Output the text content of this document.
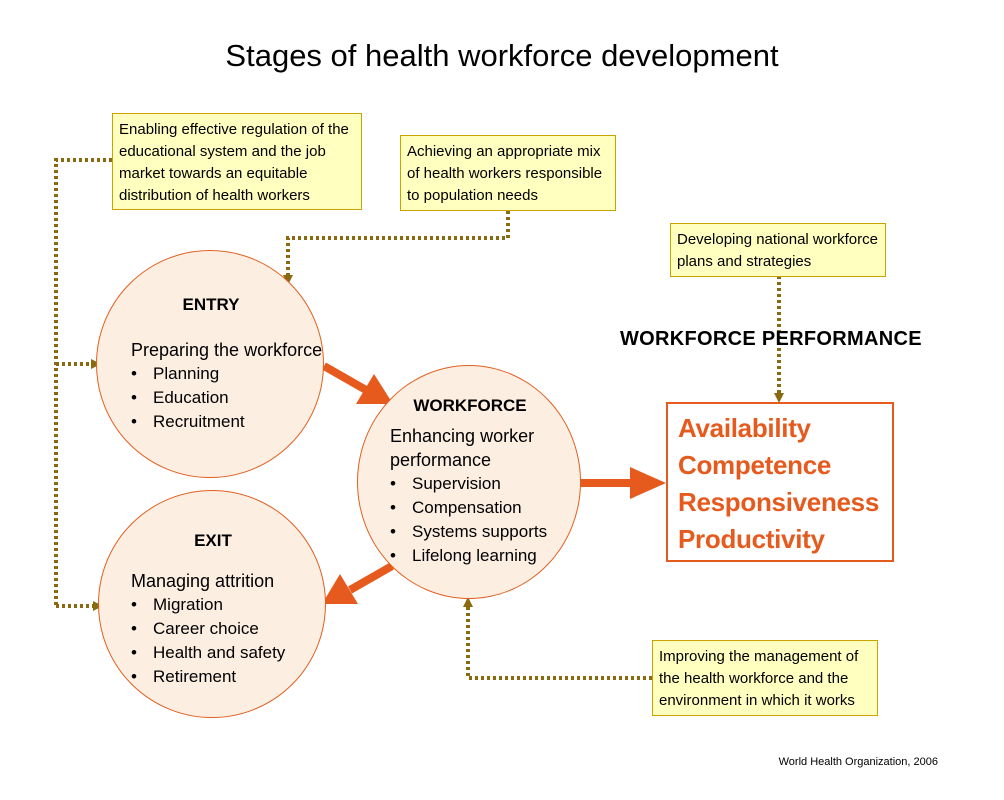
Stages of health workforce development
Enabling effective regulation of the educational system and the job market towards an equitable distribution of health workers
Achieving an appropriate mix of health workers responsible to population needs
Developing national workforce plans and strategies
Improving the management of the health workforce and the environment in which it works
ENTRY
Preparing the workforce
• Planning
• Education
• Recruitment
EXIT
Managing attrition
• Migration
• Career choice
• Health and safety
• Retirement
WORKFORCE
Enhancing worker performance
• Supervision
• Compensation
• Systems supports
• Lifelong learning
WORKFORCE PERFORMANCE
Availability
Competence
Responsiveness
Productivity
World Health Organization, 2006
